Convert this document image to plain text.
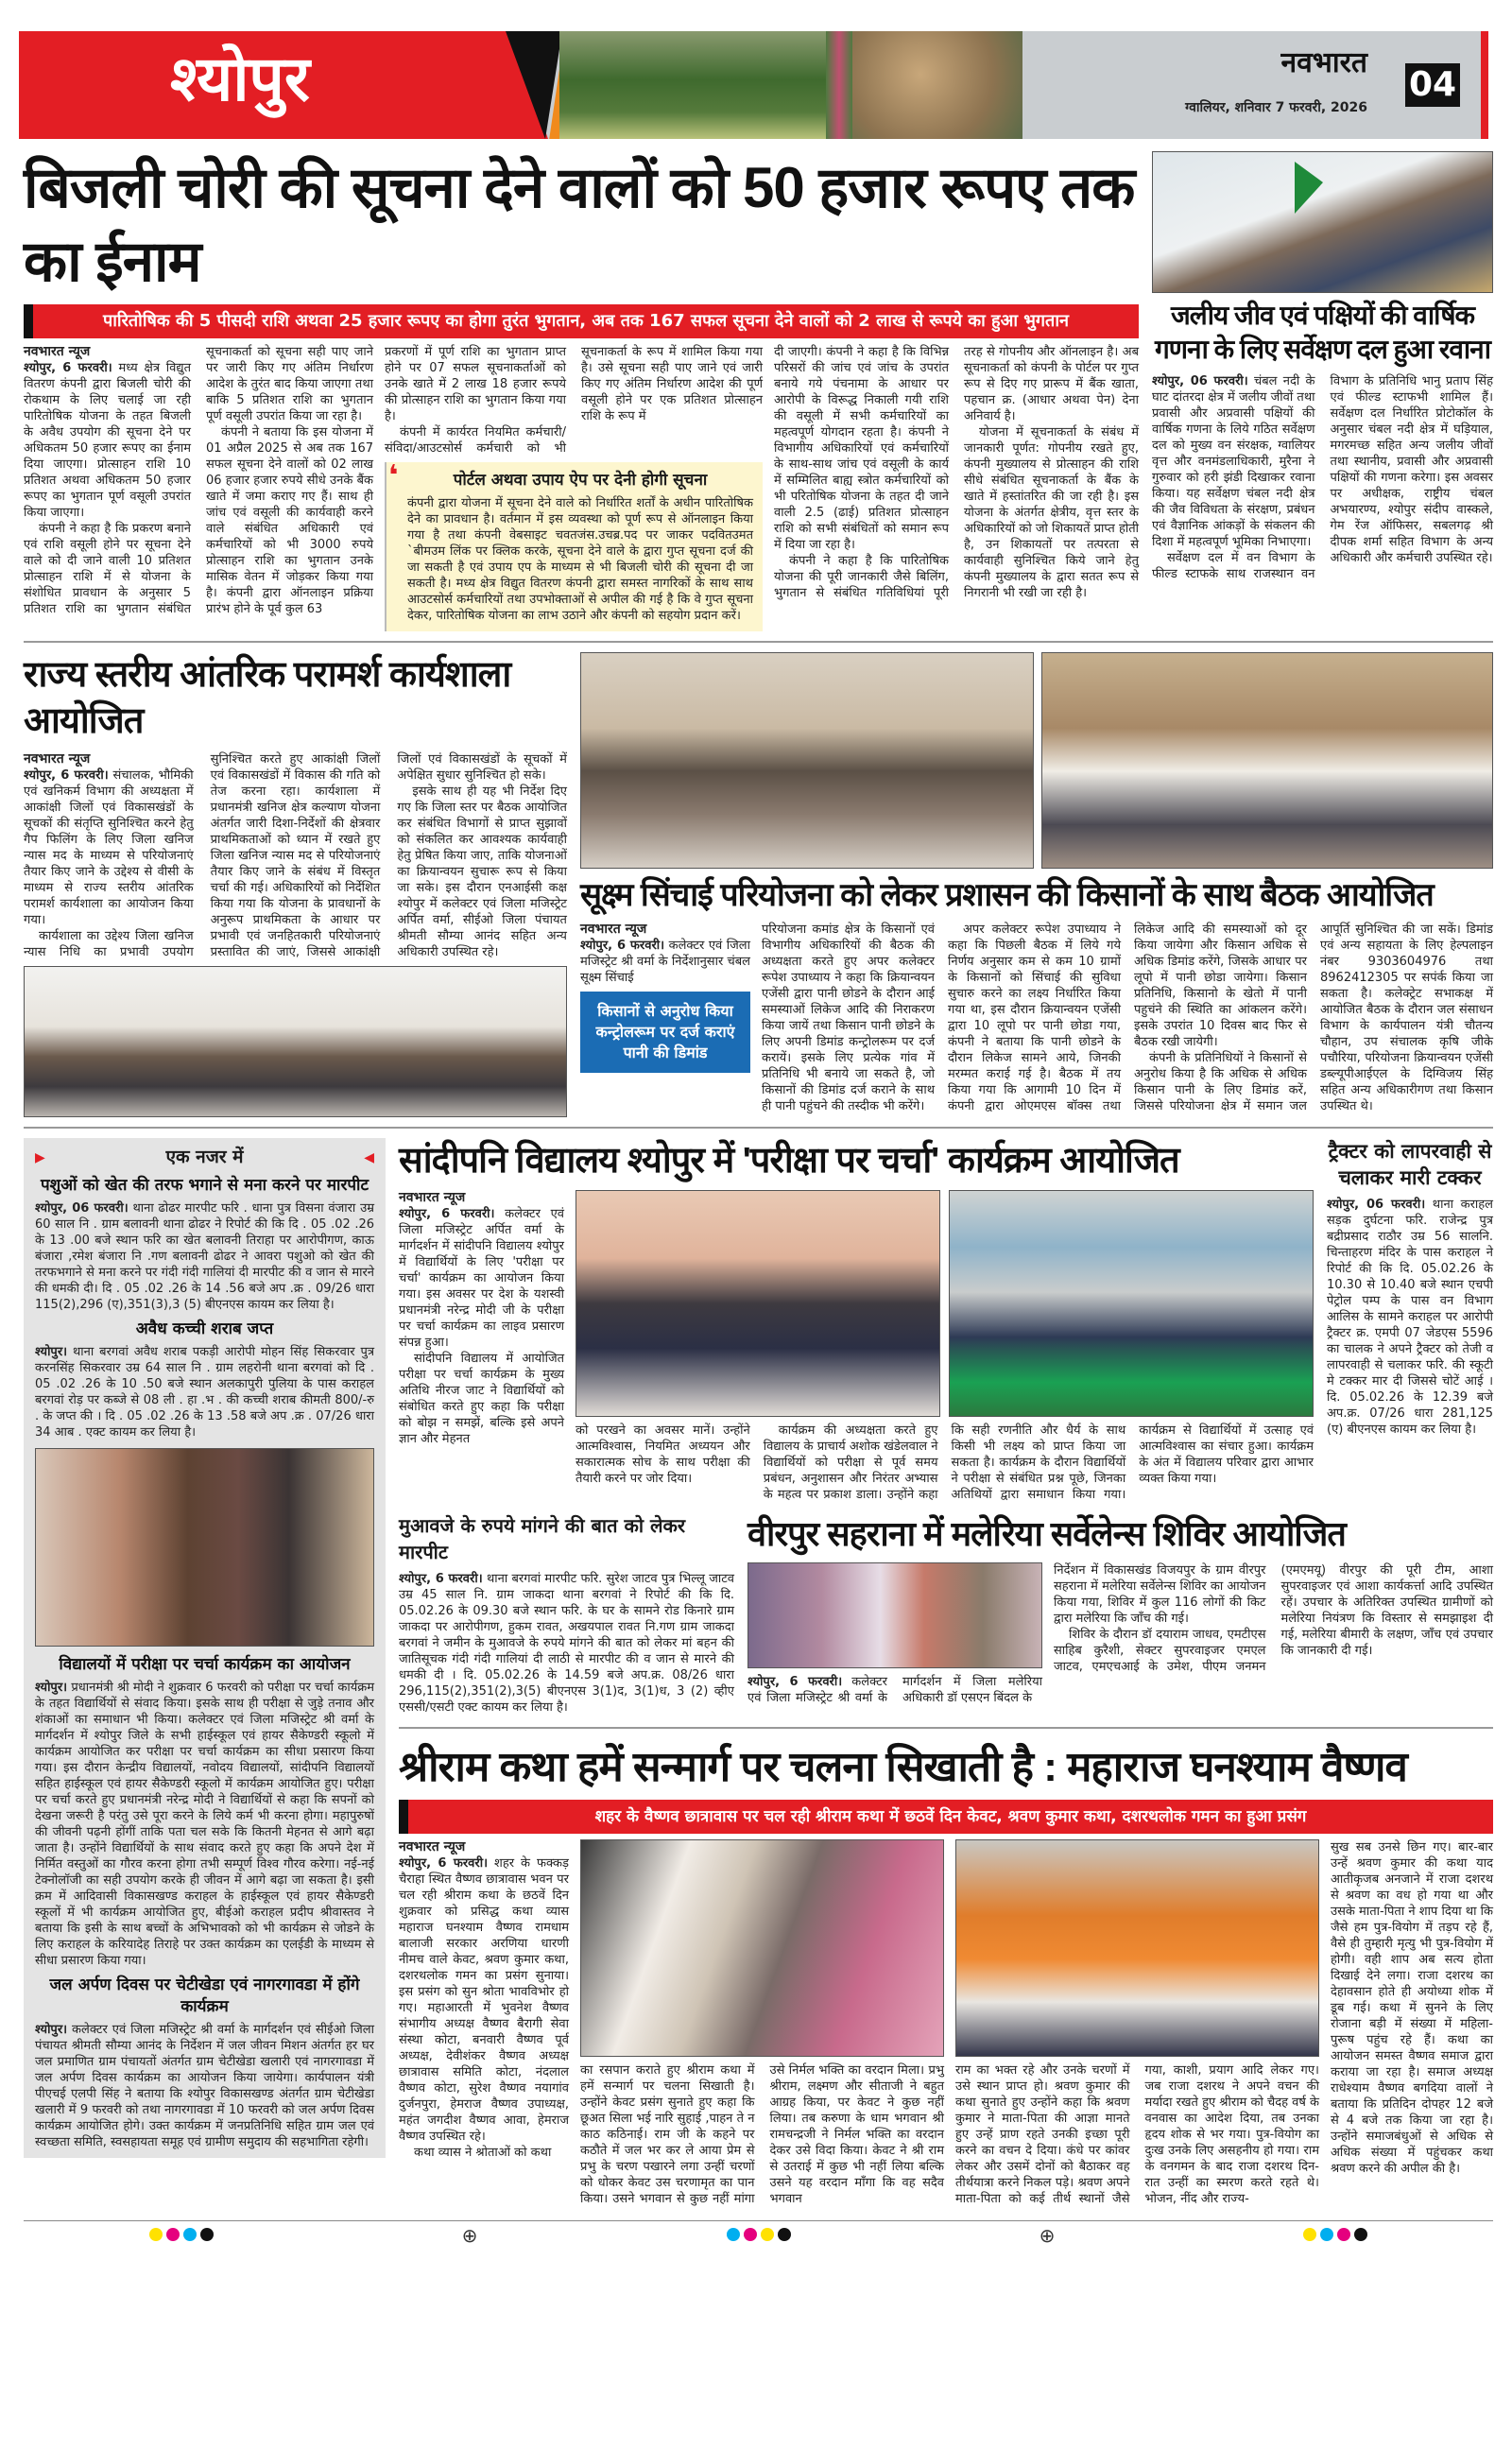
श्योपुर	नवभारत
ग्वालियर, शनिवार 7 फरवरी, 2026
04
बिजली चोरी की सूचना देने वालों को 50 हजार रूपए तक का ईनाम
पारितोषिक की 5 पीसदी राशि अथवा 25 हजार रूपए का होगा तुरंत भुगतान, अब तक 167 सफल सूचना देने वालों को 2 लाख से रूपये का हुआ भुगतान

नवभारत न्यूज
श्योपुर, 6 फरवरी। मध्य क्षेत्र विद्युत वितरण कंपनी द्वारा बिजली चोरी की रोकथाम के लिए चलाई जा रही पारितोषिक योजना के तहत बिजली के अवैध उपयोग की सूचना देने पर अधिकतम 50 हजार रूपए का ईनाम दिया जाएगा। प्रोत्साहन राशि 10 प्रतिशत अथवा अधिकतम 50 हजार रूपए का भुगतान पूर्ण वसूली उपरांत किया जाएगा।

कंपनी ने कहा है कि प्रकरण बनाने एवं राशि वसूली होने पर सूचना देने वाले को दी जाने वाली 10 प्रतिशत प्रोत्साहन राशि में से योजना के संशोधित प्रावधान के अनुसार 5 प्रतिशत राशि का भुगतान संबंधित सूचनाकर्ता को सूचना सही पाए जाने पर जारी किए गए अंतिम निर्धारण आदेश के तुरंत बाद किया जाएगा तथा बाकि 5 प्रतिशत राशि का भुगतान पूर्ण वसूली उपरांत किया जा रहा है।

कंपनी ने बताया कि इस योजना में 01 अप्रैल 2025 से अब तक 167 सफल सूचना देने वालों को 02 लाख 06 हजार हजार रुपये सीधे उनके बैंक खाते में जमा कराए गए हैं। साथ ही जांच एवं वसूली की कार्यवाही करने वाले संबंधित अधिकारी एवं कर्मचारियों को भी 3000 रुपये प्रोत्साहन राशि का भुगतान उनके मासिक वेतन में जोड़कर किया गया है। कंपनी द्वारा ऑनलाइन प्रक्रिया प्रारंभ होने के पूर्व कुल 63

प्रकरणों में पूर्ण राशि का भुगतान प्राप्त होने पर 07 सफल सूचनाकर्ताओं को उनके खाते में 2 लाख 18 हजार रूपये की प्रोत्साहन राशि का भुगतान किया गया है।

कंपनी में कार्यरत नियमित कर्मचारी/ संविदा/आउटसोर्स कर्मचारी को भी सूचनाकर्ता के रूप में शामिल किया गया है। उसे सूचना सही पाए जाने एवं जारी किए गए अंतिम निर्धारण आदेश की पूर्ण वसूली होने पर एक प्रतिशत प्रोत्साहन राशि के रूप में

❛	पोर्टल अथवा उपाय ऐप पर देनी होगी सूचना
कंपनी द्वारा योजना में सूचना देने वाले को निर्धारित शर्तों के अधीन पारितोषिक देने का प्रावधान है। वर्तमान में इस व्यवस्था को पूर्ण रूप से ऑनलाइन किया गया है तथा कंपनी वेबसाइट चवतजंस.उचब्र.पद पर जाकर पदवितउमत `बीमउम लिंक पर क्लिक करके, सूचना देने वाले के द्वारा गुप्त सूचना दर्ज की जा सकती है एवं उपाय एप के माध्यम से भी बिजली चोरी की सूचना दी जा सकती है। मध्य क्षेत्र विद्युत वितरण कंपनी द्वारा समस्त नागरिकों के साथ साथ आउटसोर्स कर्मचारियों तथा उपभोक्ताओं से अपील की गई है कि वे गुप्त सूचना देकर, पारितोषिक योजना का लाभ उठाने और कंपनी को सहयोग प्रदान करें।

दी जाएगी। कंपनी ने कहा है कि विभिन्न परिसरों की जांच एवं जांच के उपरांत बनाये गये पंचनामा के आधार पर आरोपी के विरूद्ध निकाली गयी राशि की वसूली में सभी कर्मचारियों का महत्वपूर्ण योगदान रहता है। कंपनी ने विभागीय अधिकारियों एवं कर्मचारियों के साथ-साथ जांच एवं वसूली के कार्य में सम्मिलित बाह्य स्त्रोत कर्मचारियों को भी परितोषिक योजना के तहत दी जाने वाली 2.5 (ढाई) प्रतिशत प्रोत्साहन राशि को सभी संबंधितों को समान रूप में दिया जा रहा है।

कंपनी ने कहा है कि पारितोषिक योजना की पूरी जानकारी जैसे बिलिंग, भुगतान से संबंधित गतिविधियां पूरी तरह से गोपनीय और ऑनलाइन है। अब सूचनाकर्ता को कंपनी के पोर्टल पर गुप्त रूप से दिए गए प्रारूप में बैंक खाता, पहचान क्र. (आधार अथवा पेन) देना अनिवार्य है।

योजना में सूचनाकर्ता के संबंध में जानकारी पूर्णत: गोपनीय रखते हुए, कंपनी मुख्यालय से प्रोत्साहन की राशि सीधे संबंधित सूचनाकर्ता के बैंक के खाते में हस्तांतरित की जा रही है। इस योजना के अंतर्गत क्षेत्रीय, वृत्त स्तर के अधिकारियों को जो शिकायतें प्राप्त होती है, उन शिकायतों पर तत्परता से कार्यवाही सुनिश्चित किये जाने हेतु कंपनी मुख्यालय के द्वारा सतत रूप से निगरानी भी रखी जा रही है।

जलीय जीव एवं पक्षियों की वार्षिक गणना के लिए सर्वेक्षण दल हुआ रवाना

श्योपुर, 06 फरवरी। चंबल नदी के घाट दांतरदा क्षेत्र में जलीय जीवों तथा प्रवासी और अप्रवासी पक्षियों की वार्षिक गणना के लिये गठित सर्वेक्षण दल को मुख्य वन संरक्षक, ग्वालियर वृत्त और वनमंडलाधिकारी, मुरैना ने गुरुवार को हरी झंडी दिखाकर रवाना किया। यह सर्वेक्षण चंबल नदी क्षेत्र की जैव विविधता के संरक्षण, प्रबंधन एवं वैज्ञानिक आंकड़ों के संकलन की दिशा में महत्वपूर्ण भूमिका निभाएगा।

सर्वेक्षण दल में वन विभाग के फील्ड स्टाफके साथ राजस्थान वन विभाग के प्रतिनिधि भानु प्रताप सिंह एवं फील्ड स्टाफभी शामिल हैं। सर्वेक्षण दल निर्धारित प्रोटोकॉल के अनुसार चंबल नदी क्षेत्र में घड़ियाल, मगरमच्छ सहित अन्य जलीय जीवों तथा स्थानीय, प्रवासी और अप्रवासी पक्षियों की गणना करेगा। इस अवसर पर अधीक्षक, राष्ट्रीय चंबल अभयारण्य, श्योपुर संदीप वास्कले, गेम रेंज ऑफिसर, सबलगढ़ श्री दीपक शर्मा सहित विभाग के अन्य अधिकारी और कर्मचारी उपस्थित रहे।

राज्य स्तरीय आंतरिक परामर्श कार्यशाला आयोजित

नवभारत न्यूज
श्योपुर, 6 फरवरी। संचालक, भौमिकी एवं खनिकर्म विभाग की अध्यक्षता में आकांक्षी जिलों एवं विकासखंडों के सूचकों की संतृप्ति सुनिश्चित करने हेतु गैप फिलिंग के लिए जिला खनिज न्यास मद के माध्यम से परियोजनाएं तैयार किए जाने के उद्देश्य से वीसी के माध्यम से राज्य स्तरीय आंतरिक परामर्श कार्यशाला का आयोजन किया गया।

कार्यशाला का उद्देश्य जिला खनिज न्यास निधि का प्रभावी उपयोग सुनिश्चित करते हुए आकांक्षी जिलों एवं विकासखंडों में विकास की गति को तेज करना रहा। कार्यशाला में प्रधानमंत्री खनिज क्षेत्र कल्याण योजना अंतर्गत जारी दिशा-निर्देशों की क्षेत्रवार प्राथमिकताओं को ध्यान में रखते हुए जिला खनिज न्यास मद से परियोजनाएं तैयार किए जाने के संबंध में विस्तृत चर्चा की गई। अधिकारियों को निर्देशित किया गया कि योजना के प्रावधानों के अनुरूप प्राथमिकता के आधार पर प्रभावी एवं जनहितकारी परियोजनाएं प्रस्तावित की जाएं, जिससे आकांक्षी जिलों एवं विकासखंडों के सूचकों में अपेक्षित सुधार सुनिश्चित हो सके।

इसके साथ ही यह भी निर्देश दिए गए कि जिला स्तर पर बैठक आयोजित कर संबंधित विभागों से प्राप्त सुझावों को संकलित कर आवश्यक कार्यवाही हेतु प्रेषित किया जाए, ताकि योजनाओं का क्रियान्वयन सुचारू रूप से किया जा सके। इस दौरान एनआईसी कक्ष श्योपुर में कलेक्टर एवं जिला मजिस्ट्रेट अर्पित वर्मा, सीईओ जिला पंचायत श्रीमती सौम्या आनंद सहित अन्य अधिकारी उपस्थित रहे।

सूक्ष्म सिंचाई परियोजना को लेकर प्रशासन की किसानों के साथ बैठक आयोजित

नवभारत न्यूज
श्योपुर, 6 फरवरी। कलेक्टर एवं जिला मजिस्ट्रेट श्री वर्मा के निर्देशानुसार चंबल सूक्ष्म सिंचाई

किसानों से अनुरोध किया कन्ट्रोलरूम पर दर्ज कराएं पानी की डिमांड

परियोजना कमांड क्षेत्र के किसानों एवं विभागीय अधिकारियों की बैठक की अध्यक्षता करते हुए अपर कलेक्टर रूपेश उपाध्याय ने कहा कि क्रियान्वयन एजेंसी द्वारा पानी छोडने के दौरान आई समस्याओं लिकेज आदि की निराकरण किया जायें तथा किसान पानी छोडने के लिए अपनी डिमांड कन्ट्रोलरूम पर दर्ज करायें। इसके लिए प्रत्येक गांव में प्रतिनिधि भी बनाये जा सकते है, जो किसानों की डिमांड दर्ज कराने के साथ ही पानी पहुंचने की तस्दीक भी करेंगे।

अपर कलेक्टर रूपेश उपाध्याय ने कहा कि पिछली बैठक में लिये गये निर्णय अनुसार कम से कम 10 ग्रामों के किसानों को सिंचाई की सुविधा सुचारु करने का लक्ष्य निर्धारित किया गया था, इस दौरान क्रियान्वयन एजेंसी द्वारा 10 लूपो पर पानी छोडा गया, कंपनी ने बताया कि पानी छोडने के दौरान लिकेज सामने आये, जिनकी मरम्मत कराई गई है। बैठक में तय किया गया कि आगामी 10 दिन में कंपनी द्वारा ओएमएस बॉक्स तथा लिकेज आदि की समस्याओं को दूर किया जायेगा और किसान अधिक से अधिक डिमांड करेंगे, जिसके आधार पर लूपो में पानी छोडा जायेगा। किसान प्रतिनिधि, किसानो के खेतो में पानी पहुचंने की स्थिति का आंकलन करेंगे। इसके उपरांत 10 दिवस बाद फिर से बैठक रखी जायेगी।

कंपनी के प्रतिनिधियों ने किसानों से अनुरोध किया है कि अधिक से अधिक किसान पानी के लिए डिमांड करें, जिससे परियोजना क्षेत्र में समान जल आपूर्ति सुनिश्चित की जा सकें। डिमांड एवं अन्य सहायता के लिए हेल्पलाइन नंबर 9303604976 तथा 8962412305 पर सपंर्क किया जा सकता है। कलेक्ट्रेट सभाकक्ष में आयोजित बैठक के दौरान जल संसाधन विभाग के कार्यपालन यंत्री चौतन्य चौहान, उप संचालक कृषि जीके पचौरिया, परियोजना क्रियान्वयन एजेंसी डब्ल्यूपीआईएल के दिग्विजय सिंह सहित अन्य अधिकारीगण तथा किसान उपस्थित थे।

▶	एक नजर में	◀
पशुओं को खेत की तरफ भगाने से मना करने पर मारपीट

श्योपुर, 06 फरवरी। थाना ढोढर मारपीट फरि . धाना पुत्र विसना वंजारा उम्र 60 साल नि . ग्राम बलावनी थाना ढोढर ने रिपोर्ट की कि दि . 05 .02 .26 के 13 .00 बजे स्थान फरि का खेत बलावनी तिराहा पर आरोपीगण, काऊ बंजारा ,रमेश बंजारा नि .गण बलावनी ढोढर ने आवरा पशुओ को खेत की तरफभगाने से मना करने पर गंदी गंदी गालियां दी मारपीट की व जान से मारने की धमकी दी। दि . 05 .02 .26 के 14 .56 बजे अप .क्र . 09/26 धारा 115(2),296 (ए),351(3),3 (5) बीएनएस कायम कर लिया है।

अवैध कच्ची शराब जप्त

श्योपुर। थाना बरगवां अवैध शराब पकड़ी आरोपी मोहन सिंह सिकरवार पुत्र करनसिंह सिकरवार उम्र 64 साल नि . ग्राम लहरोनी थाना बरगवां को दि . 05 .02 .26 के 10 .50 बजे स्थान अलकापुरी पुलिया के पास कराहल बरगवां रोड़ पर कब्जे से 08 ली . हा .भ . की कच्ची शराब कीमती 800/-रु . के जप्त की । दि . 05 .02 .26 के 13 .58 बजे अप .क्र . 07/26 धारा 34 आब . एक्ट कायम कर लिया है।

विद्यालयों में परीक्षा पर चर्चा कार्यक्रम का आयोजन

श्योपुर। प्रधानमंत्री श्री मोदी ने शुक्रवार 6 फरवरी को परीक्षा पर चर्चा कार्यक्रम के तहत विद्यार्थियों से संवाद किया। इसके साथ ही परीक्षा से जुड़े तनाव और शंकाओं का समाधान भी किया। कलेक्टर एवं जिला मजिस्ट्रेट श्री वर्मा के मार्गदर्शन में श्योपुर जिले के सभी हाईस्कूल एवं हायर सैकेण्डरी स्कूलो में कार्यक्रम आयोजित कर परीक्षा पर चर्चा कार्यक्रम का सीधा प्रसारण किया गया। इस दौरान केन्द्रीय विद्यालयों, नवोदय विद्यालयों, सांदीपनि विद्यालयों सहित हाईस्कूल एवं हायर सैकेण्डरी स्कूलो में कार्यक्रम आयोजित हुए। परीक्षा पर चर्चा करते हुए प्रधानमंत्री नरेन्द्र मोदी ने विद्यार्थियों से कहा कि सपनों को देखना जरूरी है परंतु उसे पूरा करने के लिये कर्म भी करना होगा। महापुरुषों की जीवनी पढ़नी होंगीं ताकि पता चल सके कि कितनी मेहनत से आगे बढ़ा जाता है। उन्होंने विद्यार्थियों के साथ संवाद करते हुए कहा कि अपने देश में निर्मित वस्तुओं का गौरव करना होगा तभी सम्पूर्ण विश्व गौरव करेगा। नई-नई टेक्नोलॉजी का सही उपयोग करके ही जीवन में आगे बढ़ा जा सकता है। इसी क्रम में आदिवासी विकासखण्ड कराहल के हाईस्कूल एवं हायर सैकेण्डरी स्कूलों में भी कार्यक्रम आयोजित हुए, बीईओ कराहल प्रदीप श्रीवास्तव ने बताया कि इसी के साथ बच्चों के अभिभावको को भी कार्यक्रम से जोडने के लिए कराहल के करियादेह तिराहे पर उक्त कार्यक्रम का एलईडी के माध्यम से सीधा प्रसारण किया गया।

जल अर्पण दिवस पर चेटीखेडा एवं नागरगावडा में होंगे कार्यक्रम

श्योपुर। कलेक्टर एवं जिला मजिस्ट्रेट श्री वर्मा के मार्गदर्शन एवं सीईओ जिला पंचायत श्रीमती सौम्या आनंद के निर्देशन में जल जीवन मिशन अंतर्गत हर घर जल प्रमाणित ग्राम पंचायतों अंतर्गत ग्राम चेटीखेडा खलारी एवं नागरगावडा में जल अर्पण दिवस कार्यक्रम का आयोजन किया जायेगा। कार्यपालन यंत्री पीएचई एलपी सिंह ने बताया कि श्योपुर विकासखण्ड अंतर्गत ग्राम चेटीखेडा खलारी में 9 फरवरी को तथा नागरगावडा में 10 फरवरी को जल अर्पण दिवस कार्यक्रम आयोजित होगे। उक्त कार्यक्रम में जनप्रतिनिधि सहित ग्राम जल एवं स्वच्छता समिति, स्वसहायता समूह एवं ग्रामीण समुदाय की सहभागिता रहेगी।

सांदीपनि विद्यालय श्योपुर में 'परीक्षा पर चर्चा' कार्यक्रम आयोजित

नवभारत न्यूज
श्योपुर, 6 फरवरी। कलेक्टर एवं जिला मजिस्ट्रेट अर्पित वर्मा के मार्गदर्शन में सांदीपनि विद्यालय श्योपुर में विद्यार्थियों के लिए 'परीक्षा पर चर्चा' कार्यक्रम का आयोजन किया गया। इस अवसर पर देश के यशस्वी प्रधानमंत्री नरेन्द्र मोदी जी के परीक्षा पर चर्चा कार्यक्रम का लाइव प्रसारण संपन्न हुआ।

सांदीपनि विद्यालय में आयोजित परीक्षा पर चर्चा कार्यक्रम के मुख्य अतिथि नीरज जाट ने विद्यार्थियों को संबोधित करते हुए कहा कि परीक्षा को बोझ न समझें, बल्कि इसे अपने ज्ञान और मेहनत

को परखने का अवसर मानें। उन्होंने आत्मविश्वास, नियमित अध्ययन और सकारात्मक सोच के साथ परीक्षा की तैयारी करने पर जोर दिया।

कार्यक्रम की अध्यक्षता करते हुए विद्यालय के प्राचार्य अशोक खंडेलवाल ने विद्यार्थियों को परीक्षा से पूर्व समय प्रबंधन, अनुशासन और निरंतर अभ्यास के महत्व पर प्रकाश डाला। उन्होंने कहा कि सही रणनीति और धैर्य के साथ किसी भी लक्ष्य को प्राप्त किया जा सकता है। कार्यक्रम के दौरान विद्यार्थियों ने परीक्षा से संबंधित प्रश्न पूछे, जिनका अतिथियों द्वारा समाधान किया गया। कार्यक्रम से विद्यार्थियों में उत्साह एवं आत्मविश्वास का संचार हुआ। कार्यक्रम के अंत में विद्यालय परिवार द्वारा आभार व्यक्त किया गया।

ट्रैक्टर को लापरवाही से चलाकर मारी टक्कर

श्योपुर, 06 फरवरी। थाना कराहल सड़क दुर्घटना फरि. राजेन्द्र पुत्र बद्रीप्रसाद राठौर उम्र 56 सालनि. चिन्ताहरण मंदिर के पास कराहल ने रिपोर्ट की कि दि. 05.02.26 के 10.30 से 10.40 बजे स्थान एचपी पेट्रोल पम्प के पास वन विभाग आलिस के सामने कराहल पर आरोपी ट्रैक्टर क्र. एमपी 07 जेडएस 5596 का चालक ने अपने ट्रैक्टर को तेजी व लापरवाही से चलाकर फरि. की स्कूटी मे टक्कर मार दी जिससे चोटें आई । दि. 05.02.26 के 12.39 बजे अप.क्र. 07/26 धारा 281,125 (ए) बीएनएस कायम कर लिया है।

मुआवजे के रुपये मांगने की बात को लेकर मारपीट

श्योपुर, 6 फरवरी। थाना बरगवां मारपीट फरि. सुरेश जाटव पुत्र भिल्लू जाटव उम्र 45 साल नि. ग्राम जाकदा थाना बरगवां ने रिपोर्ट की कि दि. 05.02.26 के 09.30 बजे स्थान फरि. के घर के सामने रोड किनारे ग्राम जाकदा पर आरोपीगण, हुकम रावत, अखयपाल रावत नि.गण ग्राम जाकदा बरगवां ने जमीन के मुआवजे के रुपये मांगने की बात को लेकर मां बहन की जातिसूचक गंदी गंदी गालियां दी लाठी से मारपीट की व जान से मारने की धमकी दी । दि. 05.02.26 के 14.59 बजे अप.क्र. 08/26 धारा 296,115(2),351(2),3(5) बीएनएस 3(1)द, 3(1)ध, 3 (2) व्हीए एससी/एसटी एक्ट कायम कर लिया है।

वीरपुर सहराना में मलेरिया सर्वेलेन्स शिविर आयोजित

श्योपुर, 6 फरवरी। कलेक्टर एवं जिला मजिस्ट्रेट श्री वर्मा के मार्गदर्शन में जिला मलेरिया अधिकारी डॉ एसएन बिंदल के

निर्देशन में विकासखंड विजयपुर के ग्राम वीरपुर सहराना में मलेरिया सर्वेलेन्स शिविर का आयोजन किया गया, शिविर में कुल 116 लोगों की किट द्वारा मलेरिया कि जाँच की गई।

शिविर के दौरान डॉ दयाराम जाधव, एमटीएस साहिब कुरैशी, सेक्टर सुपरवाइजर एमएल जाटव, एमएचआई के उमेश, पीएम जनमन (एमएमयू) वीरपुर की पूरी टीम, आशा सुपरवाइजर एवं आशा कार्यकर्त्ता आदि उपस्थित रहें। उपचार के अतिरिक्त उपस्थित ग्रामीणों को मलेरिया नियंत्रण कि विस्तार से समझाइश दी गई, मलेरिया बीमारी के लक्षण, जाँच एवं उपचार कि जानकारी दी गई।

श्रीराम कथा हमें सन्मार्ग पर चलना सिखाती है : महाराज घनश्याम वैष्णव
शहर के वैष्णव छात्रावास पर चल रही श्रीराम कथा में छठवें दिन केवट, श्रवण कुमार कथा, दशरथलोक गमन का हुआ प्रसंग

नवभारत न्यूज
श्योपुर, 6 फरवरी। शहर के फक्कड़ चैराहा स्थित वैष्णव छात्रावास भवन पर चल रही श्रीराम कथा के छठवें दिन शुक्रवार को प्रसिद्ध कथा व्यास महाराज घनश्याम वैष्णव रामधाम बालाजी सरकार अरणिया धारणी नीमच वाले केवट, श्रवण कुमार कथा, दशरथलोक गमन का प्रसंग सुनाया। इस प्रसंग को सुन श्रोता भावविभोर हो गए। महाआरती में भुवनेश वैष्णव संभागीय अध्यक्ष वैष्णव बैरागी सेवा संस्था कोटा, बनवारी वैष्णव पूर्व अध्यक्ष, देवीशंकर वैष्णव अध्यक्ष छात्रावास समिति कोटा, नंदलाल वैष्णव कोटा, सुरेश वैष्णव नयागांव दुर्जनपुरा, हेमराज वैष्णव उपाध्यक्ष, महंत जगदीश वैष्णव आवा, हेमराज वैष्णव उपस्थित रहे।

कथा व्यास ने श्रोताओं को कथा

का रसपान कराते हुए श्रीराम कथा में हमें सन्मार्ग पर चलना सिखाती है। उन्होंने केवट प्रसंग सुनाते हुए कहा कि छूअत सिला भई नारि सुहाई ,पाहन ते न काठ कठिनाई। राम जी के कहने पर कठौते में जल भर कर ले आया प्रेम से प्रभु के चरण पखारने लगा उन्हीं चरणों को धोकर केवट उस चरणामृत का पान किया। उसने भगवान से कुछ नहीं मांगा उसे निर्मल भक्ति का वरदान मिला। प्रभु श्रीराम, लक्ष्मण और सीताजी ने बहुत आग्रह किया, पर केवट ने कुछ नहीं लिया। तब करुणा के धाम भगवान श्री रामचन्द्रजी ने निर्मल भक्ति का वरदान देकर उसे विदा किया। केवट ने श्री राम से उतराई में कुछ भी नहीं लिया बल्कि उसने यह वरदान माँगा कि वह सदैव भगवान

राम का भक्त रहे और उनके चरणों में उसे स्थान प्राप्त हो। श्रवण कुमार की कथा सुनाते हुए उन्होंने कहा कि श्रवण कुमार ने माता-पिता की आज्ञा मानते हुए उन्हें प्राण रहते उनकी इच्छा पूरी करने का वचन दे दिया। कंधे पर कांवर लेकर और उसमें दोनों को बैठाकर वह तीर्थयात्रा करने निकल पड़े। श्रवण अपने माता-पिता को कई तीर्थ स्थानों जैसे गया, काशी, प्रयाग आदि लेकर गए। जब राजा दशरथ ने अपने वचन की मर्यादा रखते हुए श्रीराम को चैदह वर्ष के वनवास का आदेश दिया, तब उनका हृदय शोक से भर गया। पुत्र-वियोग का दुःख उनके लिए असहनीय हो गया। राम के वनगमन के बाद राजा दशरथ दिन-रात उन्हीं का स्मरण करते रहते थे। भोजन, नींद और राज्य-

सुख सब उनसे छिन गए। बार-बार उन्हें श्रवण कुमार की कथा याद आतीकृजब अनजाने में राजा दशरथ से श्रवण का वध हो गया था और उसके माता-पिता ने शाप दिया था कि जैसे हम पुत्र-वियोग में तड़प रहे हैं, वैसे ही तुम्हारी मृत्यु भी पुत्र-वियोग में होगी। वही शाप अब सत्य होता दिखाई देने लगा। राजा दशरथ का देहावसान होते ही अयोध्या शोक में डूब गई। कथा में सुनने के लिए रोजाना बड़ी में संख्या में महिला-पुरूष पहुंच रहे हैं। कथा का आयोजन समस्त वैष्णव समाज द्वारा कराया जा रहा है। समाज अध्यक्ष राधेश्याम वैष्णव बगदिया वालों ने बताया कि प्रतिदिन दोपहर 12 बजे से 4 बजे तक किया जा रहा है। उन्होंने समाजबंधुओं से अधिक से अधिक संख्या में पहुंचकर कथा श्रवण करने की अपील की है।

⊕	⊕
